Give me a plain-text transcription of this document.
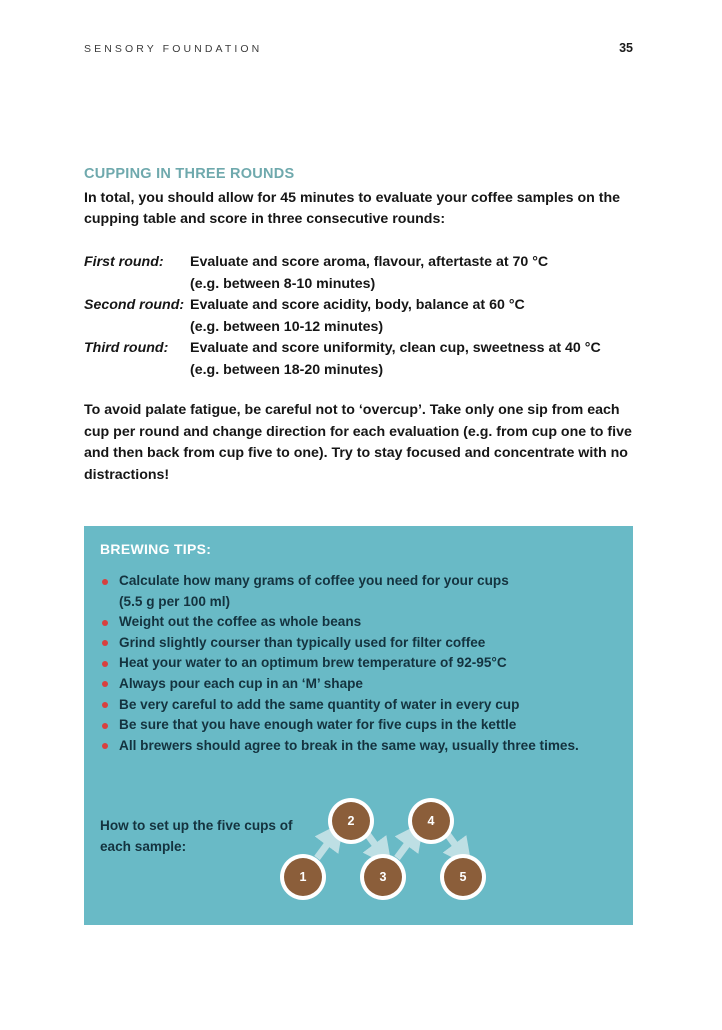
SENSORY FOUNDATION	35
CUPPING IN THREE ROUNDS
In total, you should allow for 45 minutes to evaluate your coffee samples on the cupping table and score in three consecutive rounds:
First round:	Evaluate and score aroma, flavour, aftertaste at 70 °C
(e.g. between 8-10 minutes)
Second round: Evaluate and score acidity, body, balance at 60 °C
(e.g. between 10-12 minutes)
Third round:	Evaluate and score uniformity, clean cup, sweetness at 40 °C
(e.g. between 18-20 minutes)
To avoid palate fatigue, be careful not to ‘overcup’. Take only one sip from each cup per round and change direction for each evaluation (e.g. from cup one to five and then back from cup five to one). Try to stay focused and concentrate with no distractions!
BREWING TIPS:
Calculate how many grams of coffee you need for your cups
(5.5 g per 100 ml)
Weight out the coffee as whole beans
Grind slightly courser than typically used for filter coffee
Heat your water to an optimum brew temperature of 92-95°C
Always pour each cup in an ‘M’ shape
Be very careful to add the same quantity of water in every cup
Be sure that you have enough water for five cups in the kettle
All brewers should agree to break in the same way, usually three times.
How to set up the five cups of each sample:
2	4
1	3	5
